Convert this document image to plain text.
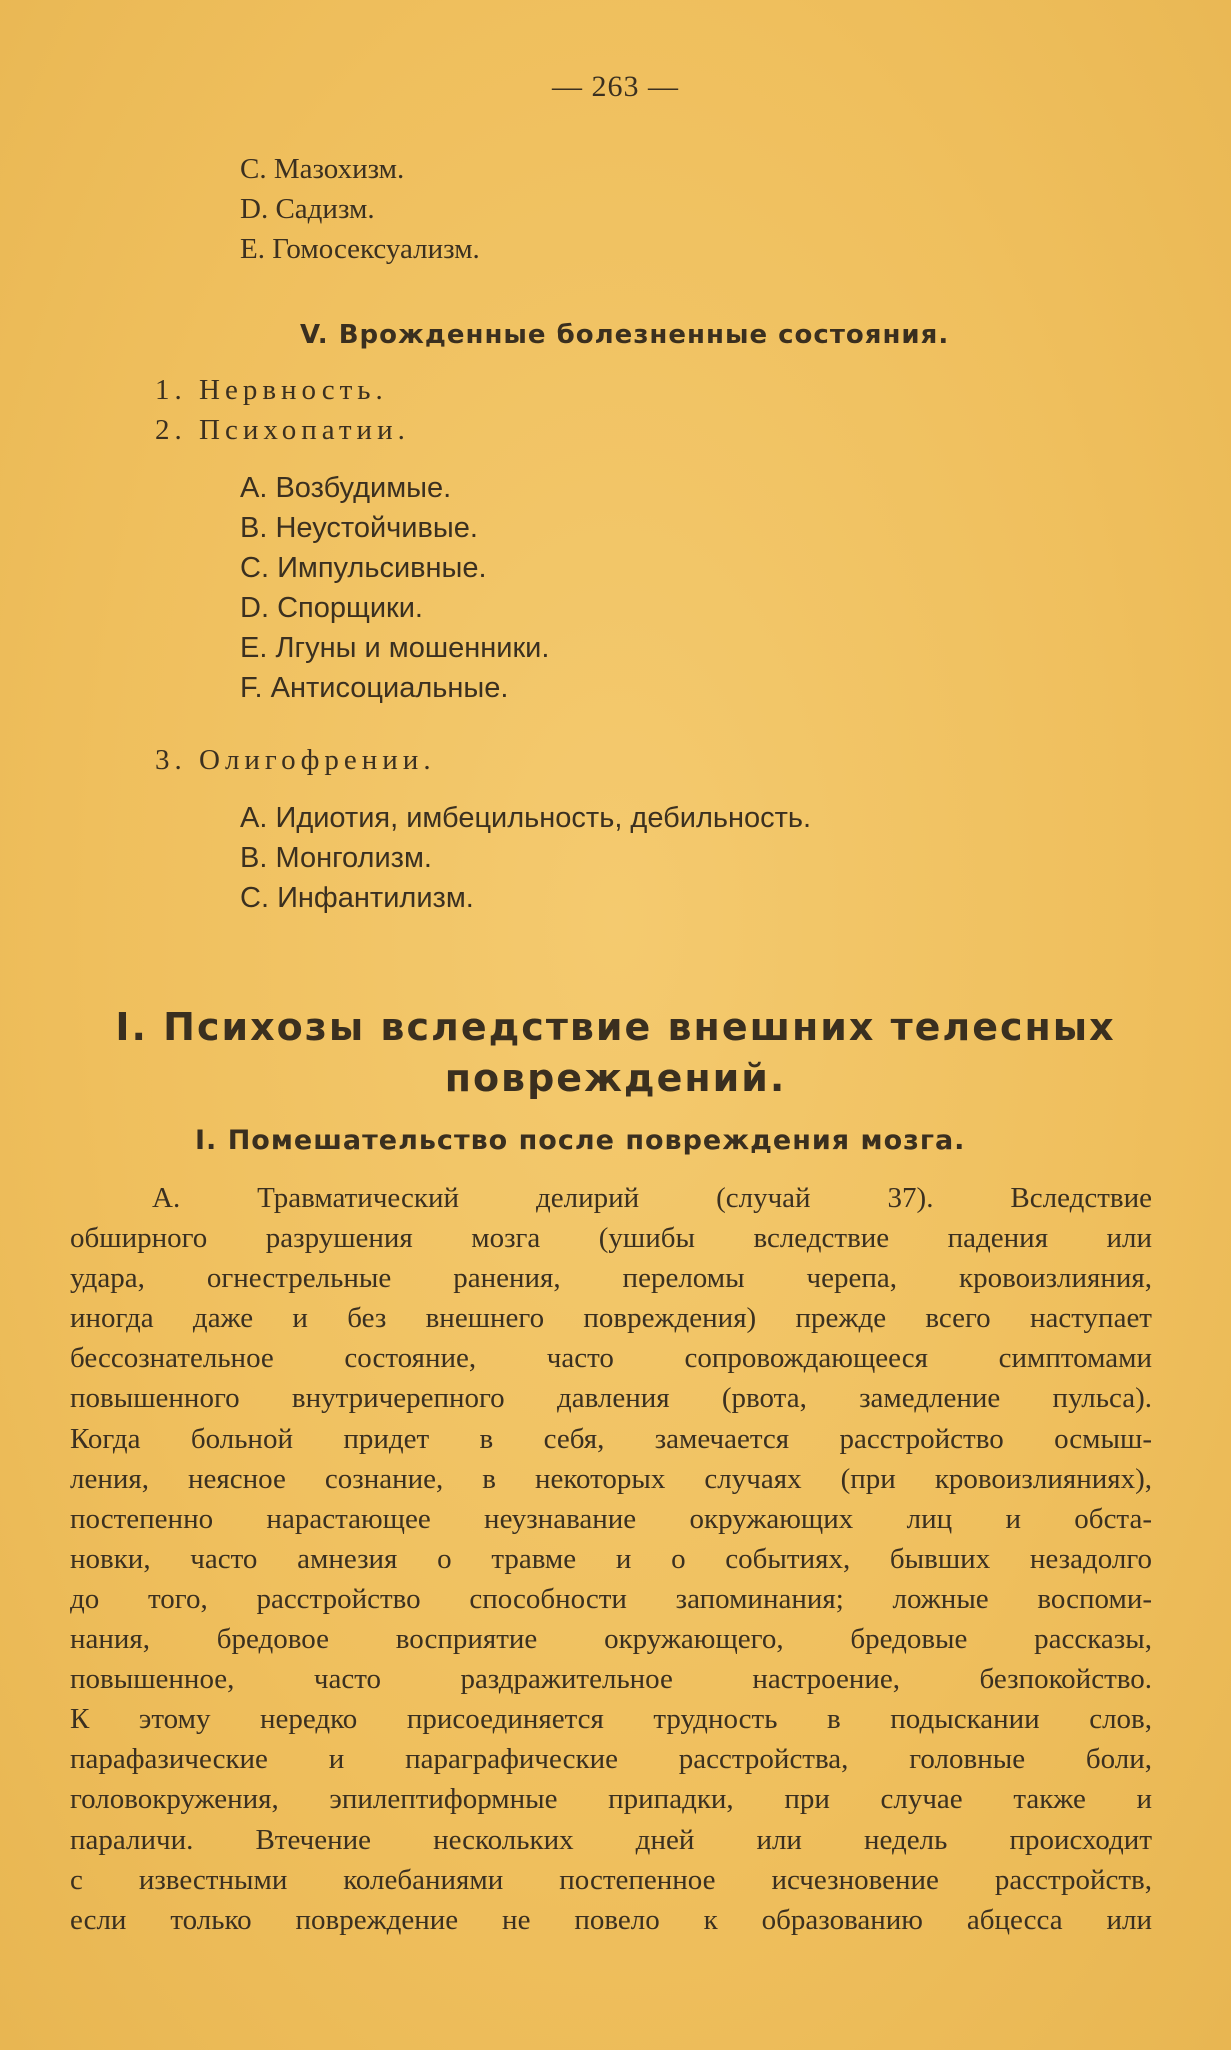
— 263 —
C. Мазохизм.
D. Садизм.
E. Гомосексуализм.
V. Врожденные болезненные состояния.
1. Нервность.
2. Психопатии.
A. Возбудимые.
B. Неустойчивые.
C. Импульсивные.
D. Спорщики.
E. Лгуны и мошенники.
F. Антисоциальные.
3. Олигофрении.
A. Идиотия, имбецильность, дебильность.
B. Монголизм.
C. Инфантилизм.
I. Психозы вследствие внешних телесных
повреждений.
I. Помешательство после повреждения мозга.
А. Травматический делирий (случай 37). Вследствие
обширного разрушения мозга (ушибы вследствие падения или
удара, огнестрельные ранения, переломы черепа, кровоизлияния,
иногда даже и без внешнего повреждения) прежде всего наступает
бессознательное состояние, часто сопровождающееся симптомами
повышенного внутричерепного давления (рвота, замедление пульса).
Когда больной придет в себя, замечается расстройство осмыш-
ления, неясное сознание, в некоторых случаях (при кровоизлияниях),
постепенно нарастающее неузнавание окружающих лиц и обста-
новки, часто амнезия о травме и о событиях, бывших незадолго
до того, расстройство способности запоминания; ложные воспоми-
нания, бредовое восприятие окружающего, бредовые рассказы,
повышенное, часто раздражительное настроение, безпокойство.
К этому нередко присоединяется трудность в подыскании слов,
парафазические и параграфические расстройства, головные боли,
головокружения, эпилептиформные припадки, при случае также и
параличи. Втечение нескольких дней или недель происходит
с известными колебаниями постепенное исчезновение расстройств,
если только повреждение не повело к образованию абцесса или
